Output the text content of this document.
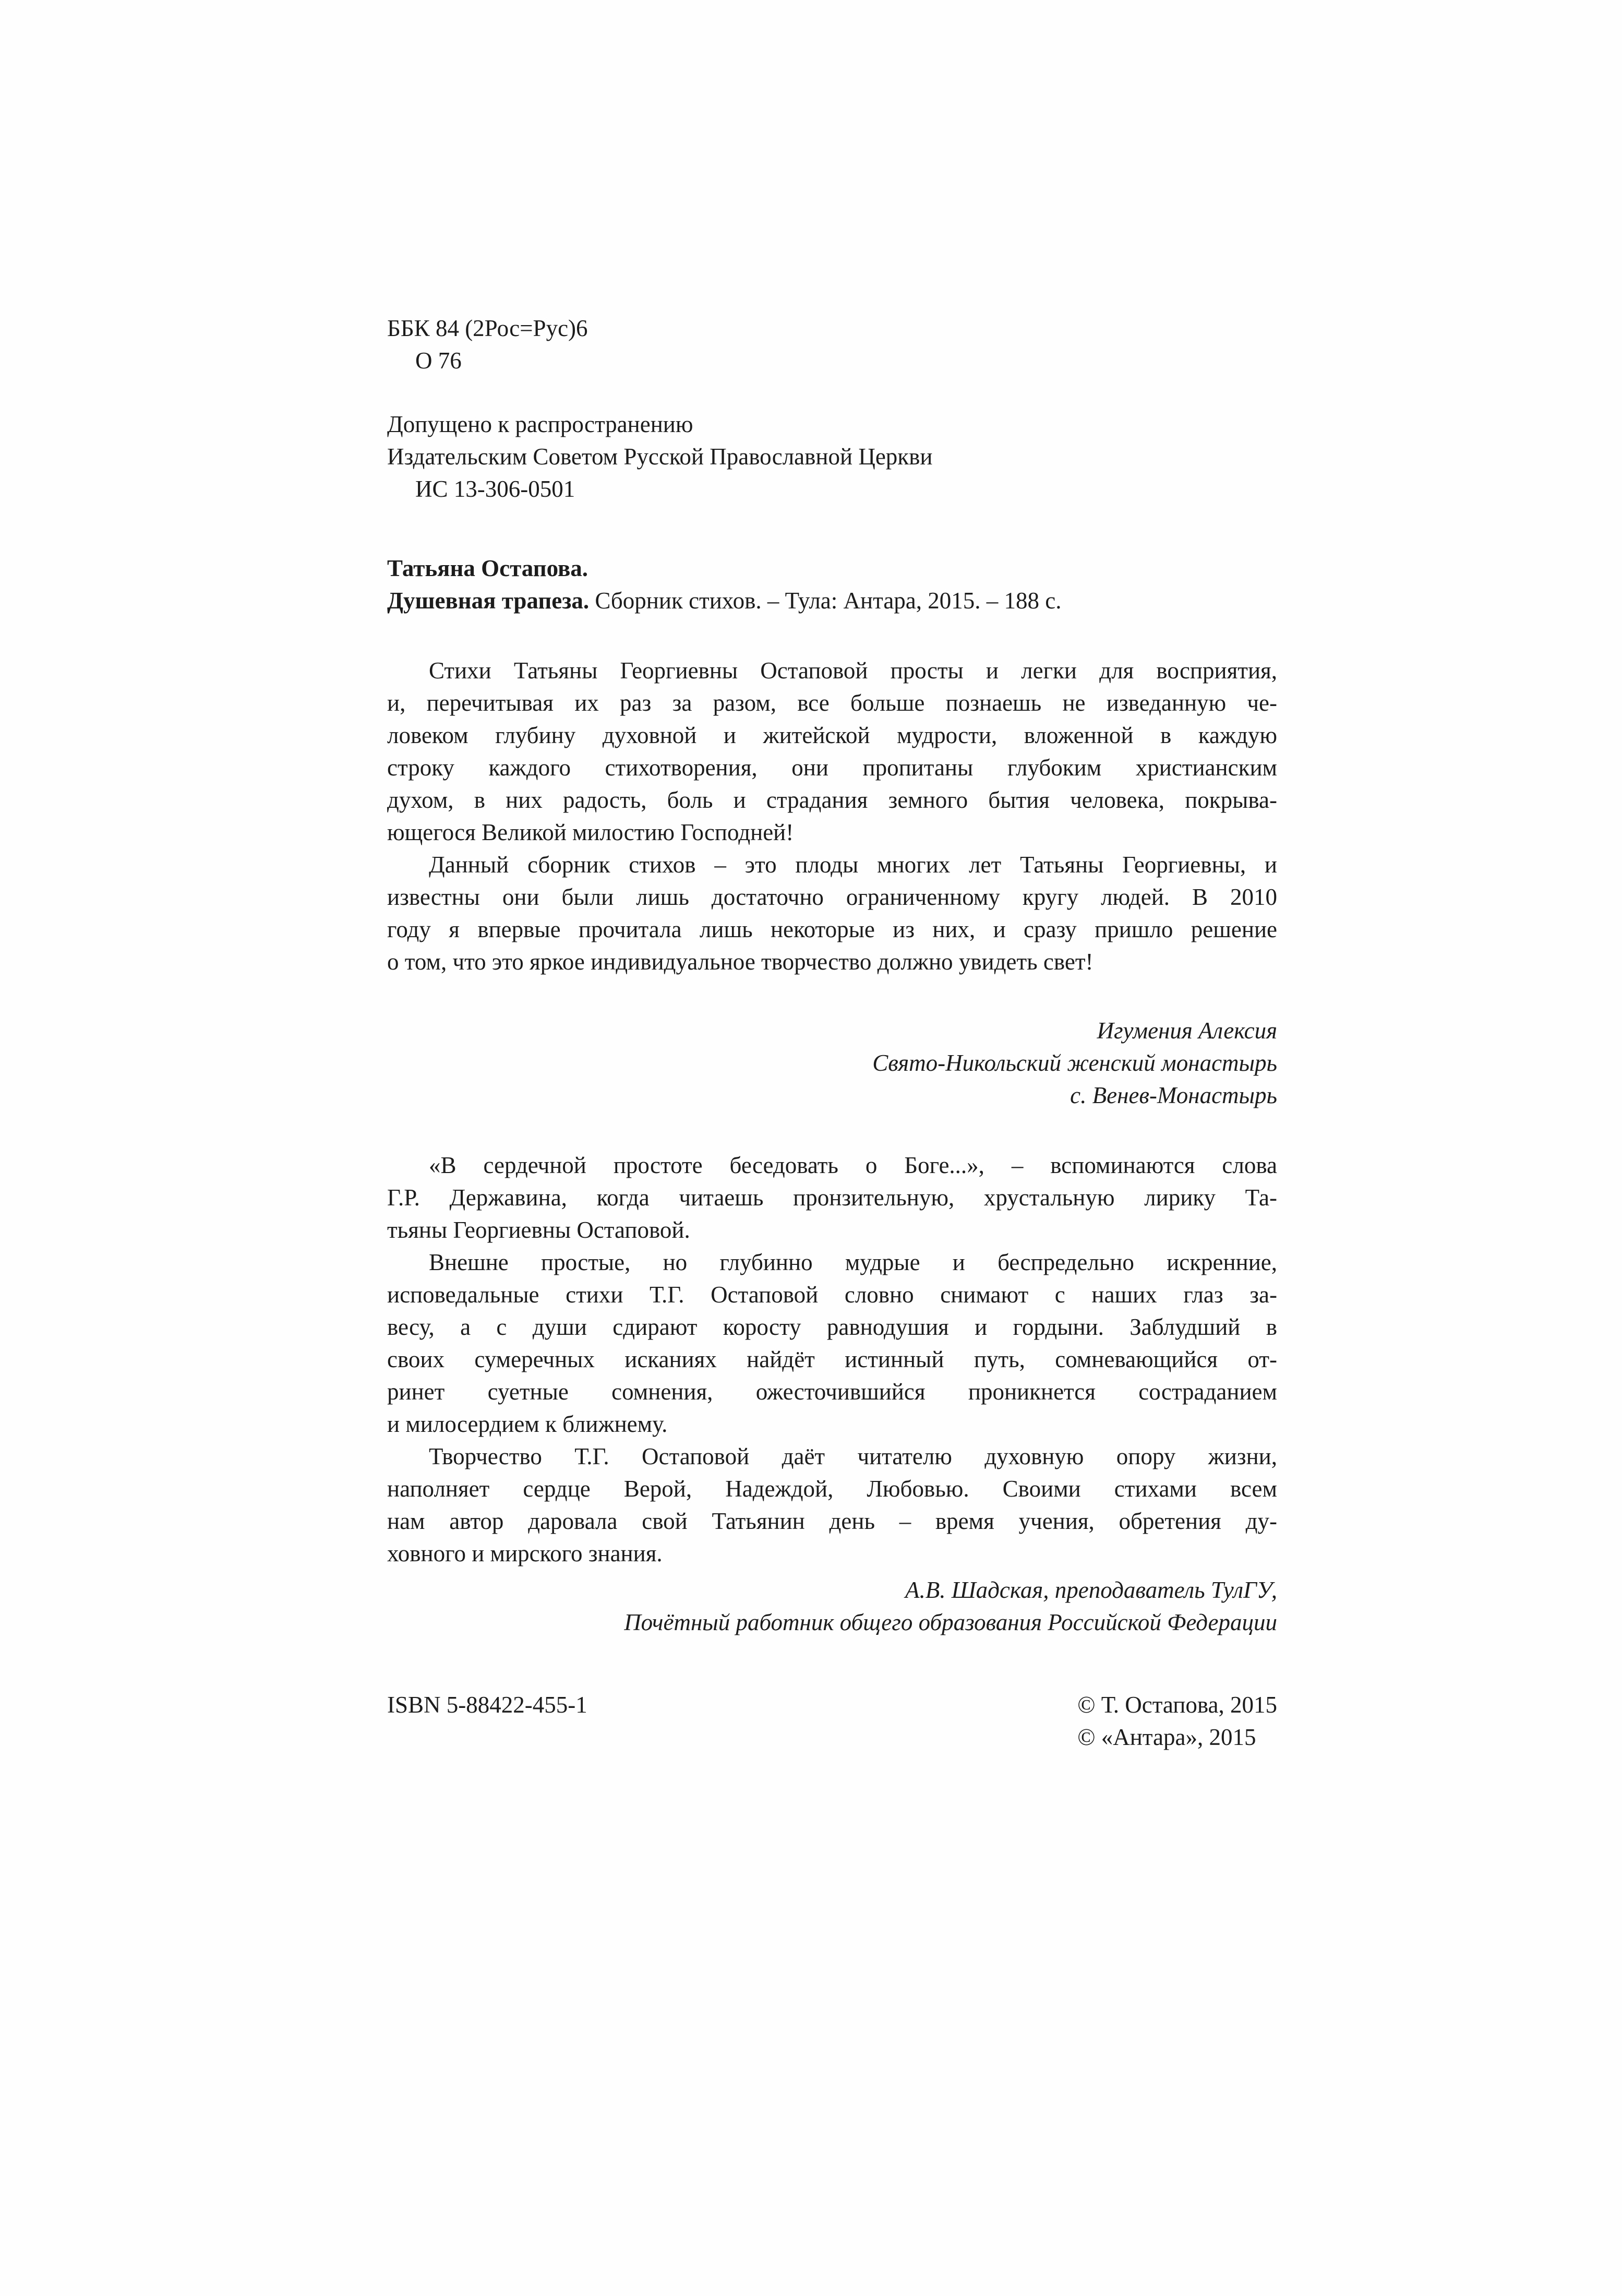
ББК 84 (2Рос=Рус)6
О 76
Допущено к распространению
Издательским Советом Русской Православной Церкви
ИС 13-306-0501
Татьяна Остапова.
Душевная трапеза. Сборник стихов. – Тула: Антара, 2015. – 188 с.
Стихи Татьяны Георгиевны Остаповой просты и легки для восприятия,
и, перечитывая их раз за разом, все больше познаешь не изведанную че-
ловеком глубину духовной и житейской мудрости, вложенной в каждую
строку каждого стихотворения, они пропитаны глубоким христианским
духом, в них радость, боль и страдания земного бытия человека, покрыва-
ющегося Великой милостию Господней!
Данный сборник стихов – это плоды многих лет Татьяны Георгиевны, и
известны они были лишь достаточно ограниченному кругу людей. В 2010
году я впервые прочитала лишь некоторые из них, и сразу пришло решение
о том, что это яркое индивидуальное творчество должно увидеть свет!
Игумения Алексия
Свято-Никольский женский монастырь
с. Венев-Монастырь
«В сердечной простоте беседовать о Боге...», – вспоминаются слова
Г.Р. Державина, когда читаешь пронзительную, хрустальную лирику Та-
тьяны Георгиевны Остаповой.
Внешне простые, но глубинно мудрые и беспредельно искренние,
исповедальные стихи Т.Г. Остаповой словно снимают с наших глаз за-
весу, а с души сдирают коросту равнодушия и гордыни. Заблудший в
своих сумеречных исканиях найдёт истинный путь, сомневающийся от-
ринет суетные сомнения, ожесточившийся проникнется состраданием
и милосердием к ближнему.
Творчество Т.Г. Остаповой даёт читателю духовную опору жизни,
наполняет сердце Верой, Надеждой, Любовью. Своими стихами всем
нам автор даровала свой Татьянин день – время учения, обретения ду-
ховного и мирского знания.
А.В. Шадская, преподаватель ТулГУ,
Почётный работник общего образования Российской Федерации
ISBN 5-88422-455-1	© Т. Остапова, 2015
© «Антара», 2015
